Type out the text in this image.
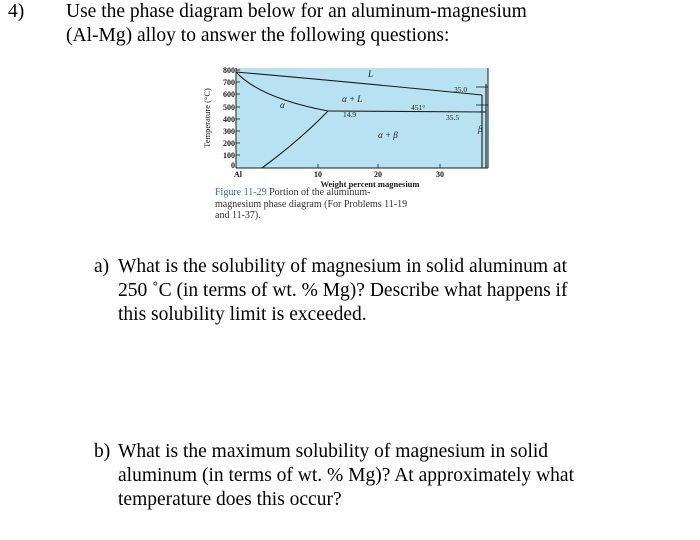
4) Use the phase diagram below for an aluminum-magnesium
(Al-Mg) alloy to answer the following questions:
800
700
600
500
400
300
200
100
0
Temperature (°C)
Al	10	20	30
Weight percent magnesium
L
α
α + L
α + β
β
14.9
451°
35.0
35.5
Figure 11-29 Portion of the aluminum-
magnesium phase diagram (For Problems 11-19
and 11-37).
a) What is the solubility of magnesium in solid aluminum at
250 ˚C (in terms of wt. % Mg)? Describe what happens if
this solubility limit is exceeded.
b) What is the maximum solubility of magnesium in solid
aluminum (in terms of wt. % Mg)? At approximately what
temperature does this occur?
